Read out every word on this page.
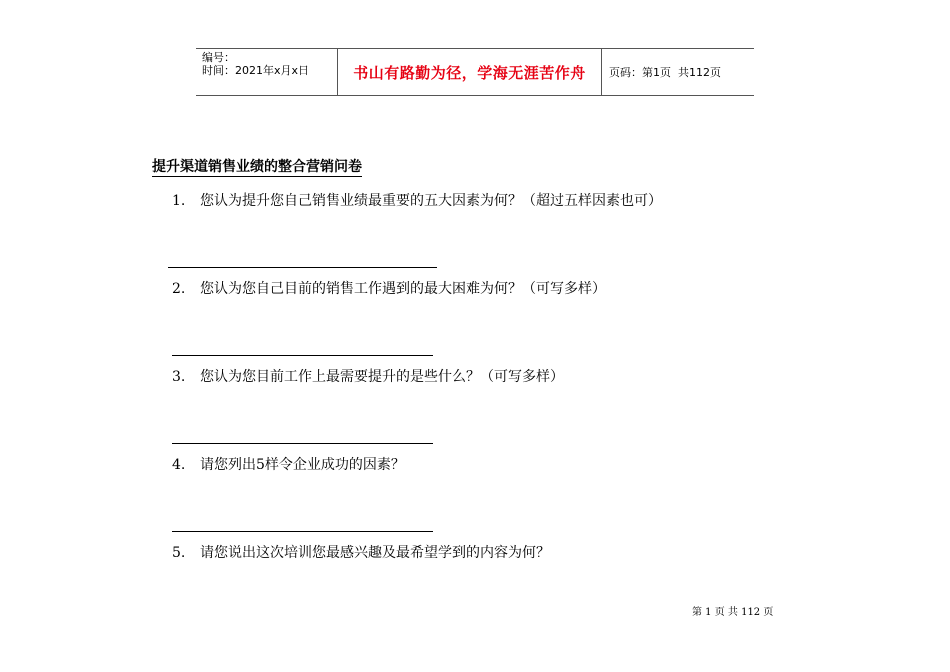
编号：
时间：2021年x月x日	书山有路勤为径，学海无涯苦作舟 页码：第1页  共112页
提升渠道销售业绩的整合营销问卷
1. 您认为提升您自己销售业绩最重要的五大因素为何？（超过五样因素也可）
2. 您认为您自己目前的销售工作遇到的最大困难为何？（可写多样）
3. 您认为您目前工作上最需要提升的是些什么？（可写多样）
4. 请您列出5样令企业成功的因素？
5. 请您说出这次培训您最感兴趣及最希望学到的内容为何？
第 1 页 共 112 页
